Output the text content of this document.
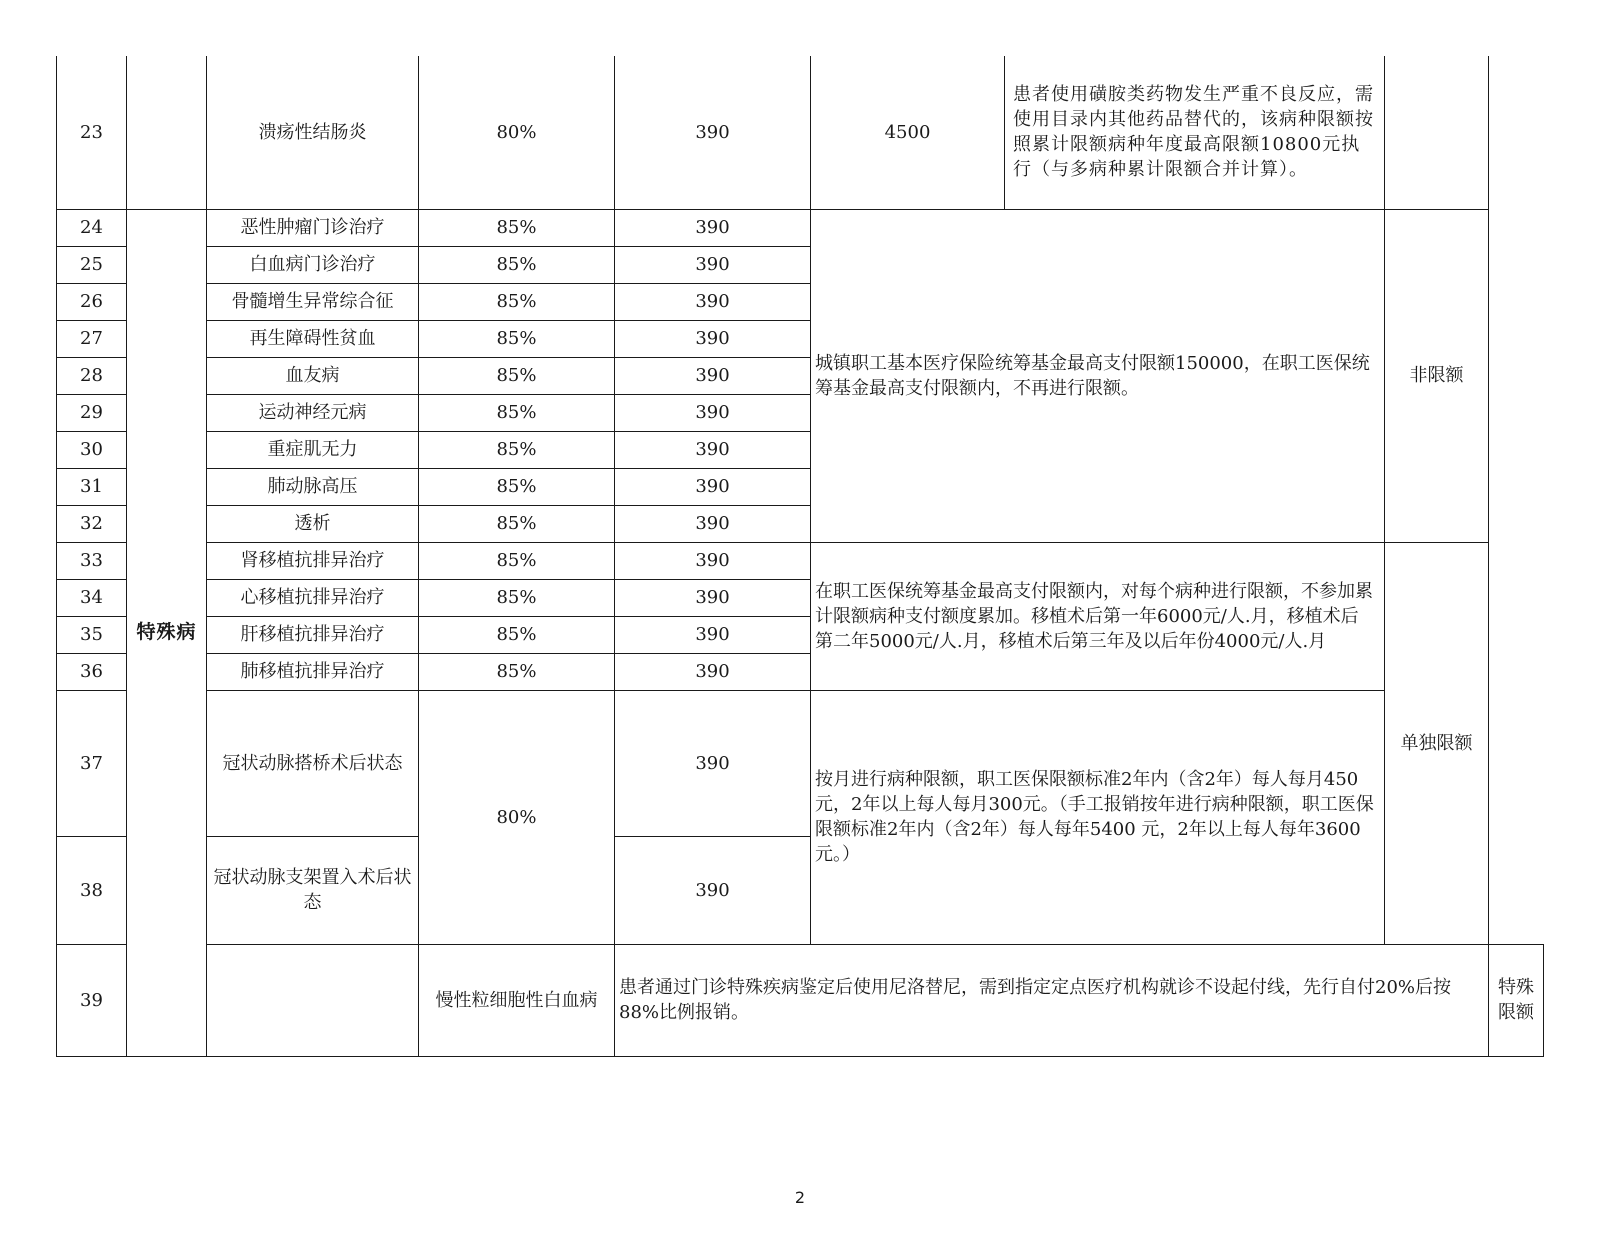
23		溃疡性结肠炎	80%	390	4500	患者使用磺胺类药物发生严重不良反应，需使用目录内其他药品替代的，该病种限额按照累计限额病种年度最高限额10800元执行（与多病种累计限额合并计算）。		
24	特殊病	恶性肿瘤门诊治疗	85%	390	城镇职工基本医疗保险统筹基金最高支付限额150000，在职工医保统筹基金最高支付限额内，不再进行限额。		非限额	
25		白血病门诊治疗	85%	390				
26		骨髓增生异常综合征	85%	390				
27		再生障碍性贫血	85%	390				
28		血友病	85%	390				
29		运动神经元病	85%	390				
30		重症肌无力	85%	390				
31		肺动脉高压	85%	390				
32		透析	85%	390				
33		肾移植抗排异治疗	85%	390	在职工医保统筹基金最高支付限额内，对每个病种进行限额，不参加累计限额病种支付额度累加。移植术后第一年6000元/人.月，移植术后第二年5000元/人.月，移植术后第三年及以后年份4000元/人.月		单独限额	
34		心移植抗排异治疗	85%	390				
35		肝移植抗排异治疗	85%	390				
36		肺移植抗排异治疗	85%	390				
37		冠状动脉搭桥术后状态	80%	390	按月进行病种限额，职工医保限额标准2年内（含2年）每人每月450元，2年以上每人每月300元。（手工报销按年进行病种限额，职工医保限额标准2年内（含2年）每人每年5400 元，2年以上每人每年3600元。）			
38		冠状动脉支架置入术后状态		390				
39			慢性粒细胞性白血病	患者通过门诊特殊疾病鉴定后使用尼洛替尼，需到指定定点医疗机构就诊不设起付线，先行自付20%后按88%比例报销。				特殊限额
2
